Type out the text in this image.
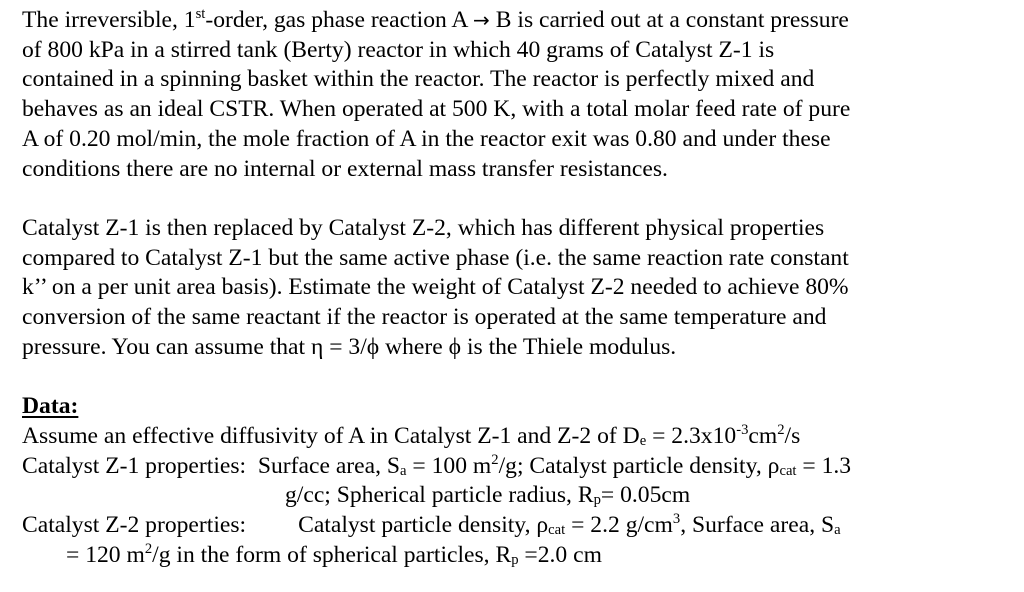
The irreversible, 1st-order, gas phase reaction A → B is carried out at a constant pressure
of 800 kPa in a stirred tank (Berty) reactor in which 40 grams of Catalyst Z-1 is
contained in a spinning basket within the reactor. The reactor is perfectly mixed and
behaves as an ideal CSTR. When operated at 500 K, with a total molar feed rate of pure
A of 0.20 mol/min, the mole fraction of A in the reactor exit was 0.80 and under these
conditions there are no internal or external mass transfer resistances.
Catalyst Z-1 is then replaced by Catalyst Z-2, which has different physical properties
compared to Catalyst Z-1 but the same active phase (i.e. the same reaction rate constant
k’’ on a per unit area basis). Estimate the weight of Catalyst Z-2 needed to achieve 80%
conversion of the same reactant if the reactor is operated at the same temperature and
pressure. You can assume that η = 3/ϕ where ϕ is the Thiele modulus.
Data:
Assume an effective diffusivity of A in Catalyst Z-1 and Z-2 of $D_e = 2.3x10^{-3}cm^2/s$
Catalyst Z-1 properties:  Surface area, $S_a = 100$ $m^2/g$; Catalyst particle density, $\rho_{cat} = 1.3$
g/cc; Spherical particle radius, $R_p= 0.05cm$
Catalyst Z-2 properties: Catalyst particle density, $\rho_{cat} = 2.2$ $g/cm^3$, Surface area, $S_a$
= 120 $m^2/g$ in the form of spherical particles, $R_p =2.0$ cm
